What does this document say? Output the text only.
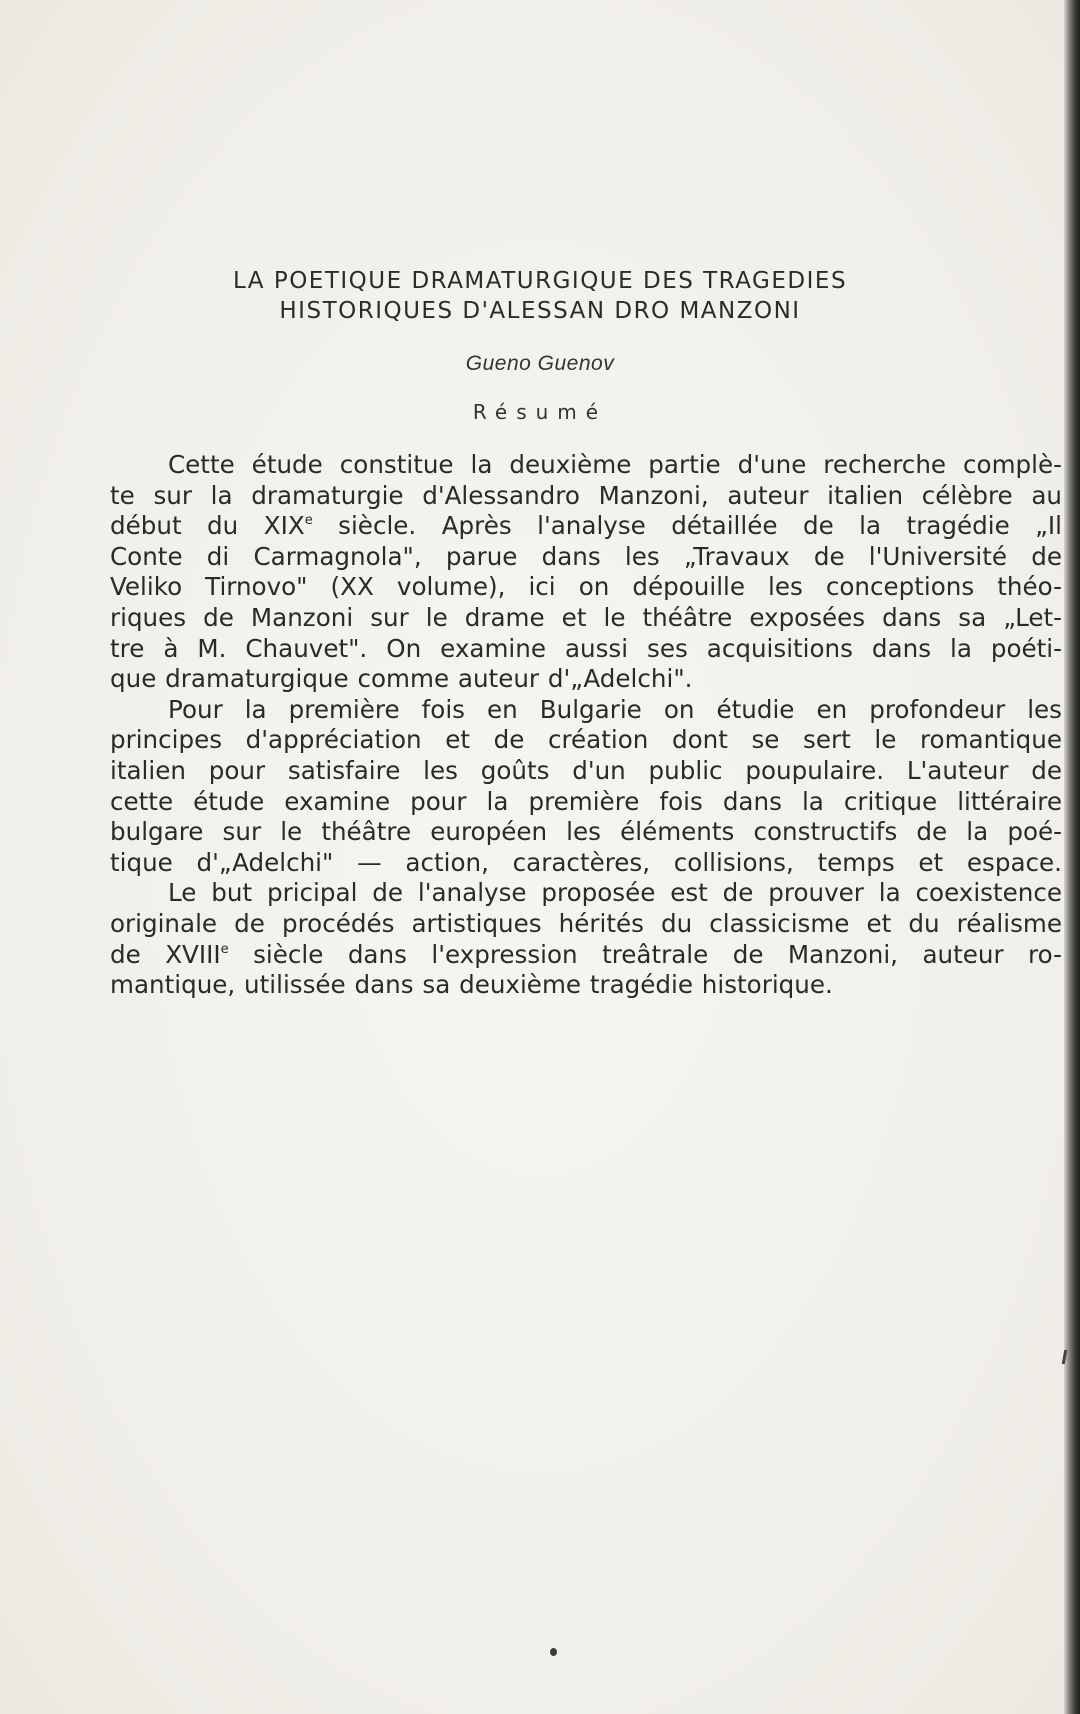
LA POETIQUE DRAMATURGIQUE DES TRAGEDIES
HISTORIQUES D'ALESSAN DRO MANZONI
Gueno Guenov
Résumé
Cette étude constitue la deuxième partie d'une recherche complè-
te sur la dramaturgie d'Alessandro Manzoni, auteur italien célèbre au
début du XIXe siècle. Après l'analyse détaillée de la tragédie „Il
Conte di Carmagnola", parue dans les „Travaux de l'Université de
Veliko Tirnovo" (XX volume), ici on dépouille les conceptions théo-
riques de Manzoni sur le drame et le théâtre exposées dans sa „Let-
tre à M. Chauvet". On examine aussi ses acquisitions dans la poéti-
que dramaturgique comme auteur d'„Adelchi".
Pour la première fois en Bulgarie on étudie en profondeur les
principes d'appréciation et de création dont se sert le romantique
italien pour satisfaire les goûts d'un public poupulaire. L'auteur de
cette étude examine pour la première fois dans la critique littéraire
bulgare sur le théâtre européen les éléments constructifs de la poé-
tique d'„Adelchi" — action, caractères, collisions, temps et espace.
Le but pricipal de l'analyse proposée est de prouver la coexistence
originale de procédés artistiques hérités du classicisme et du réalisme
de XVIIIe siècle dans l'expression treâtrale de Manzoni, auteur ro-
mantique, utilissée dans sa deuxième tragédie historique.
